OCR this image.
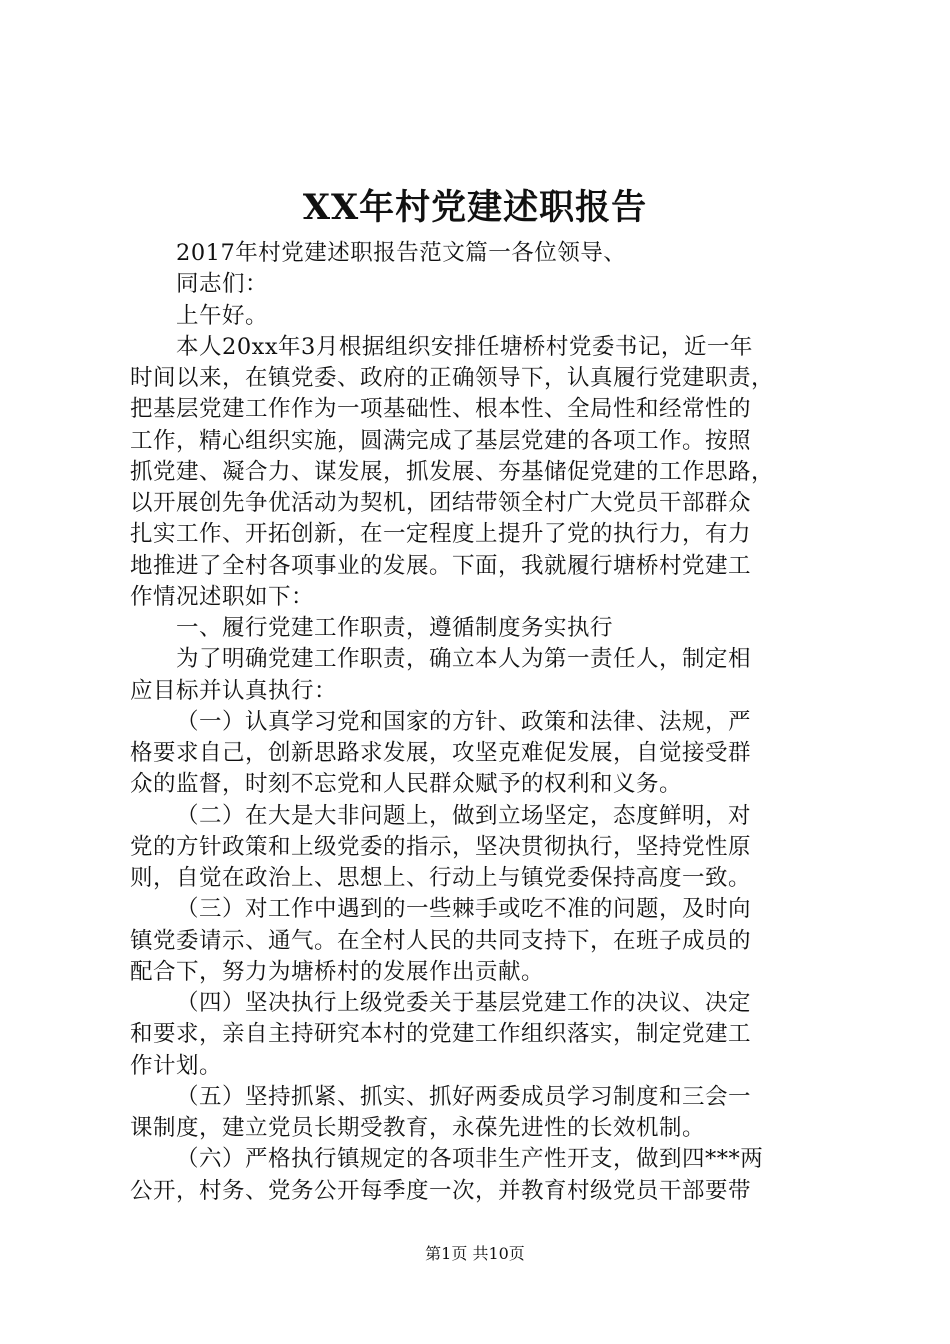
XX年村党建述职报告
2017年村党建述职报告范文篇一各位领导、
同志们：
上午好。
本人20xx年3月根据组织安排任塘桥村党委书记，近一年
时间以来，在镇党委、政府的正确领导下，认真履行党建职责，
把基层党建工作作为一项基础性、根本性、全局性和经常性的
工作，精心组织实施，圆满完成了基层党建的各项工作。按照
抓党建、凝合力、谋发展，抓发展、夯基储促党建的工作思路，
以开展创先争优活动为契机，团结带领全村广大党员干部群众
扎实工作、开拓创新，在一定程度上提升了党的执行力，有力
地推进了全村各项事业的发展。下面，我就履行塘桥村党建工
作情况述职如下：
一、履行党建工作职责，遵循制度务实执行
为了明确党建工作职责，确立本人为第一责任人，制定相
应目标并认真执行：
（一）认真学习党和国家的方针、政策和法律、法规，严
格要求自己，创新思路求发展，攻坚克难促发展，自觉接受群
众的监督，时刻不忘党和人民群众赋予的权利和义务。
（二）在大是大非问题上，做到立场坚定，态度鲜明，对
党的方针政策和上级党委的指示，坚决贯彻执行，坚持党性原
则，自觉在政治上、思想上、行动上与镇党委保持高度一致。
（三）对工作中遇到的一些棘手或吃不准的问题，及时向
镇党委请示、通气。在全村人民的共同支持下，在班子成员的
配合下，努力为塘桥村的发展作出贡献。
（四）坚决执行上级党委关于基层党建工作的决议、决定
和要求，亲自主持研究本村的党建工作组织落实，制定党建工
作计划。
（五）坚持抓紧、抓实、抓好两委成员学习制度和三会一
课制度，建立党员长期受教育，永葆先进性的长效机制。
（六）严格执行镇规定的各项非生产性开支，做到四***两
公开，村务、党务公开每季度一次，并教育村级党员干部要带
第1页 共10页
